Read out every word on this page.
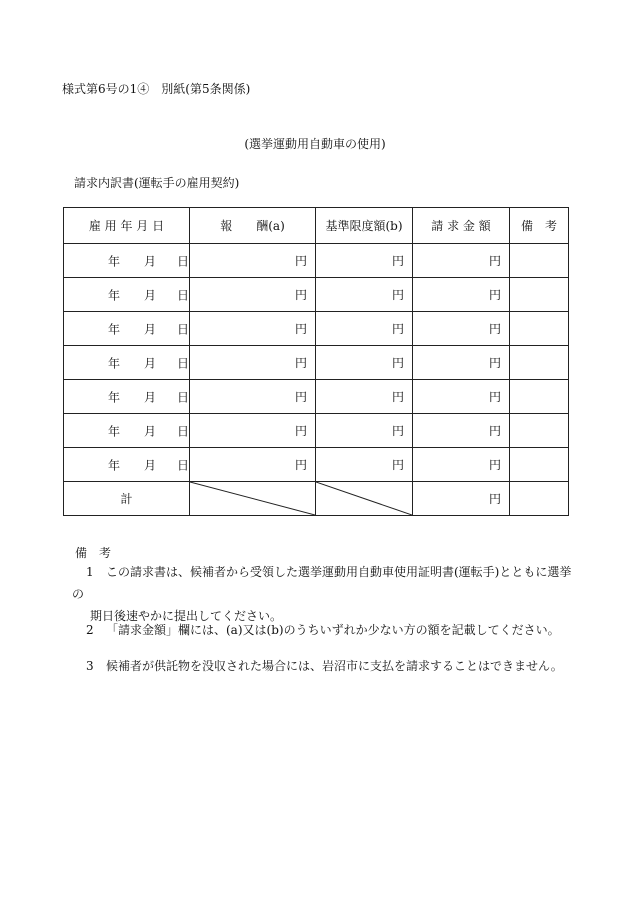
様式第6号の1④　別紙(第5条関係)
(選挙運動用自動車の使用)
請求内訳書(運転手の雇用契約)
雇 用 年 月 日	報　　酬(a)	基準限度額(b)	請 求 金 額	備　考

年 月 日	円	円	円	

年 月 日	円	円	円	

年 月 日	円	円	円	

年 月 日	円	円	円	

年 月 日	円	円	円	

年 月 日	円	円	円	

年 月 日	円	円	円	
計			円	
備　考
1 この請求書は、候補者から受領した選挙運動用自動車使用証明書(運転手)とともに選挙の
期日後速やかに提出してください。
2 「請求金額」欄には、(a)又は(b)のうちいずれか少ない方の額を記載してください。
3 候補者が供託物を没収された場合には、岩沼市に支払を請求することはできません。
